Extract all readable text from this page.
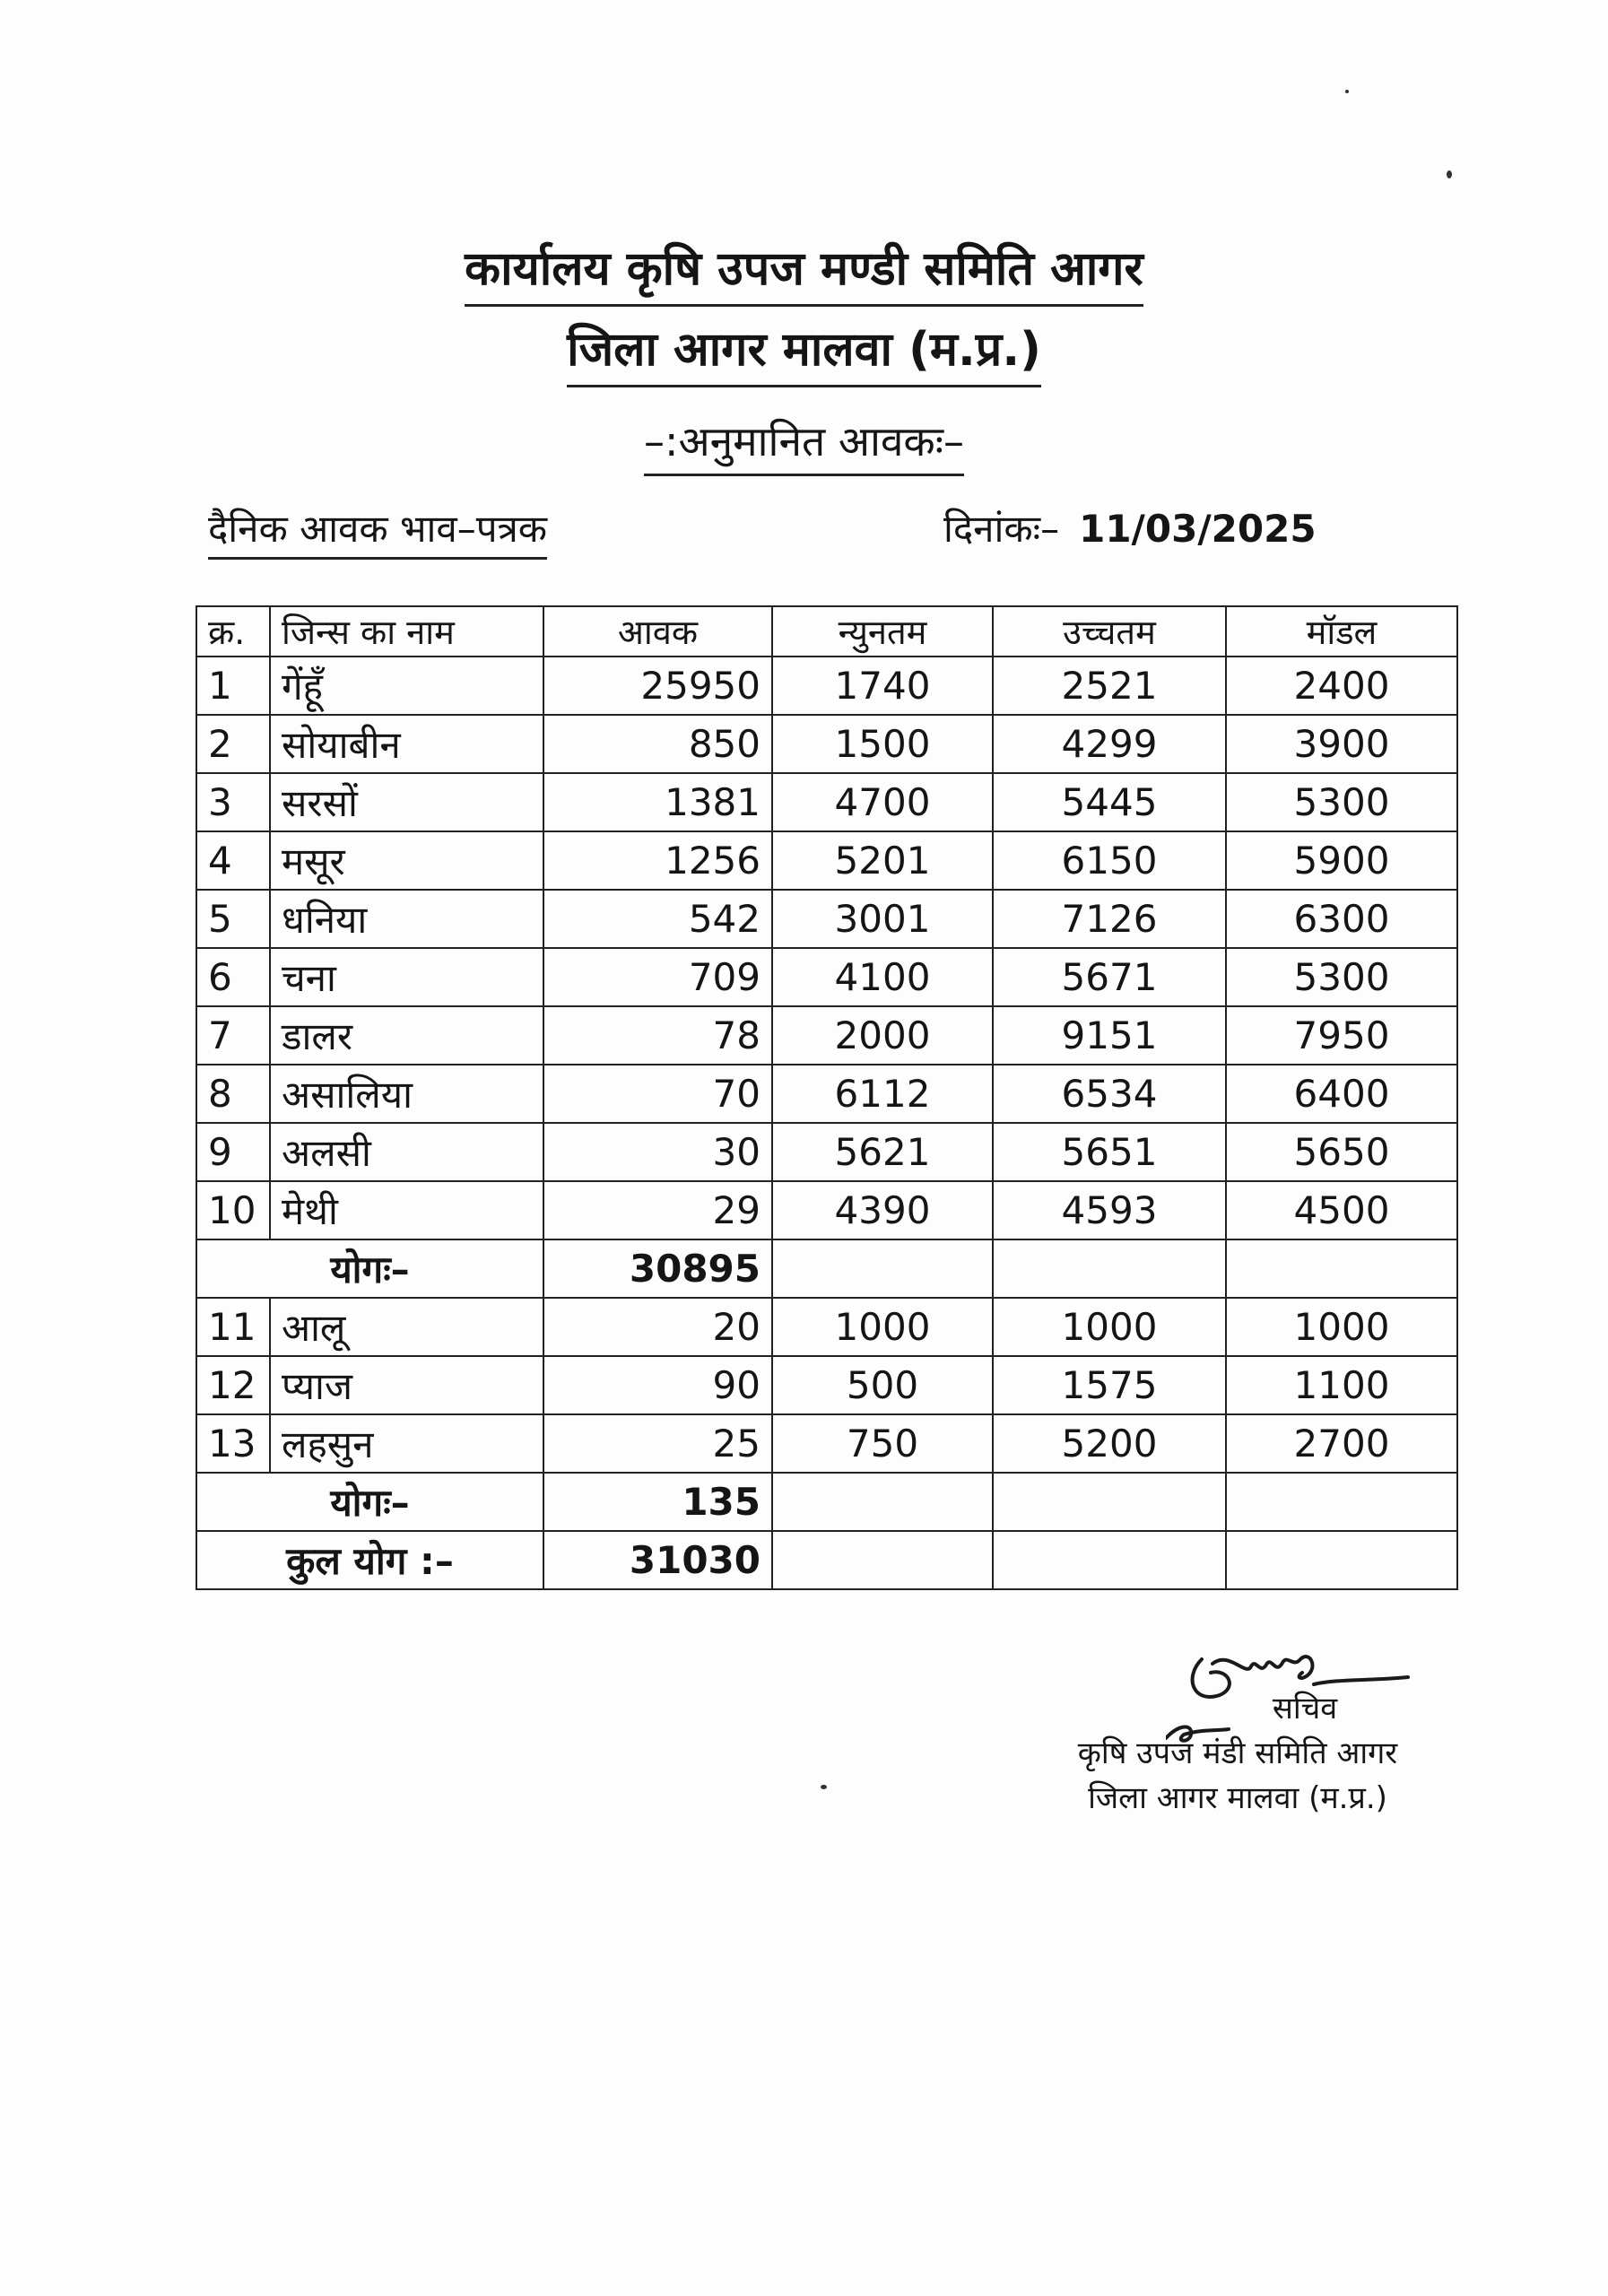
कार्यालय कृषि उपज मण्डी समिति आगर
जिला आगर मालवा (म.प्र.)
–:अनुमानित आवकः–
दैनिक आवक भाव–पत्रक	दिनांकः– 11/03/2025
क्र.	जिन्स का नाम	आवक	न्युनतम	उच्चतम	मॉडल
1	गेंहूँ	25950	1740	2521	2400
2	सोयाबीन	850	1500	4299	3900
3	सरसों	1381	4700	5445	5300
4	मसूर	1256	5201	6150	5900
5	धनिया	542	3001	7126	6300
6	चना	709	4100	5671	5300
7	डालर	78	2000	9151	7950
8	असालिया	70	6112	6534	6400
9	अलसी	30	5621	5651	5650
10	मेथी	29	4390	4593	4500
योगः–		30895			
11	आलू	20	1000	1000	1000
12	प्याज	90	500	1575	1100
13	लहसुन	25	750	5200	2700
योगः–		135			
कुल योग :–		31030			
सचिव
कृषि उपज मंडी समिति आगर
जिला आगर मालवा (म.प्र.)
